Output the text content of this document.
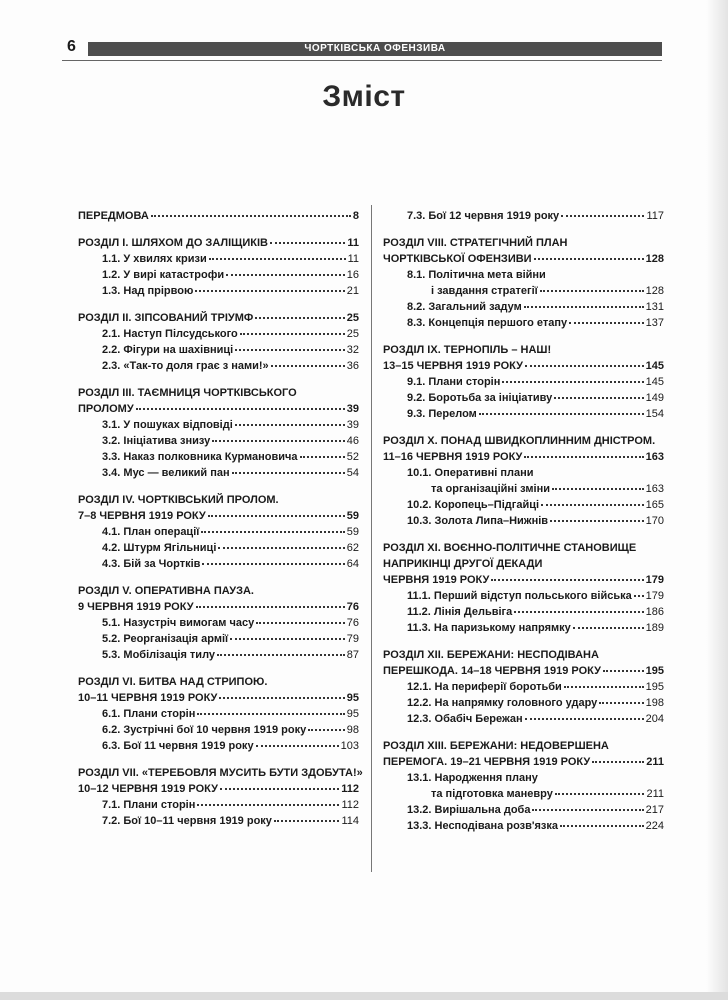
6	ЧОРТКІВСЬКА ОФЕНЗИВА
Зміст
ПЕРЕДМОВА	8
РОЗДІЛ І. ШЛЯХОМ ДО ЗАЛІЩИКІВ	11
1.1. У хвилях кризи	11
1.2. У вирі катастрофи	16
1.3. Над прірвою	21
РОЗДІЛ ІІ. ЗІПСОВАНИЙ ТРІУМФ	25
2.1. Наступ Пілсудського	25
2.2. Фігури на шахівниці	32
2.3. «Так-то доля грає з нами!»	36
РОЗДІЛ ІІІ. ТАЄМНИЦЯ ЧОРТКІВСЬКОГО
ПРОЛОМУ	39
3.1. У пошуках відповіді	39
3.2. Ініціатива знизу	46
3.3. Наказ полковника Курмановича	52
3.4. Мус — великий пан	54
РОЗДІЛ IV. ЧОРТКІВСЬКИЙ ПРОЛОМ.
7–8 ЧЕРВНЯ 1919 РОКУ	59
4.1. План операції	59
4.2. Штурм Ягільниці	62
4.3. Бій за Чортків	64
РОЗДІЛ V. ОПЕРАТИВНА ПАУЗА.
9 ЧЕРВНЯ 1919 РОКУ	76
5.1. Назустріч вимогам часу	76
5.2. Реорганізація армії	79
5.3. Мобілізація тилу	87
РОЗДІЛ VI. БИТВА НАД СТРИПОЮ.
10–11 ЧЕРВНЯ 1919 РОКУ	95
6.1. Плани сторін	95
6.2. Зустрічні бої 10 червня 1919 року	98
6.3. Бої 11 червня 1919 року	103
РОЗДІЛ VII. «ТЕРЕБОВЛЯ МУСИТЬ БУТИ ЗДОБУТА!»
10–12 ЧЕРВНЯ 1919 РОКУ	112
7.1. Плани сторін	112
7.2. Бої 10–11 червня 1919 року	114
7.3. Бої 12 червня 1919 року	117
РОЗДІЛ VIII. СТРАТЕГІЧНИЙ ПЛАН
ЧОРТКІВСЬКОЇ ОФЕНЗИВИ	128
8.1. Політична мета війни
і завдання стратегії	128
8.2. Загальний задум	131
8.3. Концепція першого етапу	137
РОЗДІЛ IX. ТЕРНОПІЛЬ – НАШ!
13–15 ЧЕРВНЯ 1919 РОКУ	145
9.1. Плани сторін	145
9.2. Боротьба за ініціативу	149
9.3. Перелом	154
РОЗДІЛ X. ПОНАД ШВИДКОПЛИННИМ ДНІСТРОМ.
11–16 ЧЕРВНЯ 1919 РОКУ	163
10.1. Оперативні плани
та організаційні зміни	163
10.2. Коропець–Підгайці	165
10.3. Золота Липа–Нижнів	170
РОЗДІЛ XI. ВОЄННО-ПОЛІТИЧНЕ СТАНОВИЩЕ
НАПРИКІНЦІ ДРУГОЇ ДЕКАДИ
ЧЕРВНЯ 1919 РОКУ	179
11.1. Перший відступ польського війська 179
11.2. Лінія Дельвіга	186
11.3. На паризькому напрямку	189
РОЗДІЛ XII. БЕРЕЖАНИ: НЕСПОДІВАНА
ПЕРЕШКОДА. 14–18 ЧЕРВНЯ 1919 РОКУ	195
12.1. На периферії боротьби	195
12.2. На напрямку головного удару	198
12.3. Обабіч Бережан	204
РОЗДІЛ XIII. БЕРЕЖАНИ: НЕДОВЕРШЕНА
ПЕРЕМОГА. 19–21 ЧЕРВНЯ 1919 РОКУ	211
13.1. Народження плану
та підготовка маневру	211
13.2. Вирішальна доба	217
13.3. Несподівана розв'язка	224
